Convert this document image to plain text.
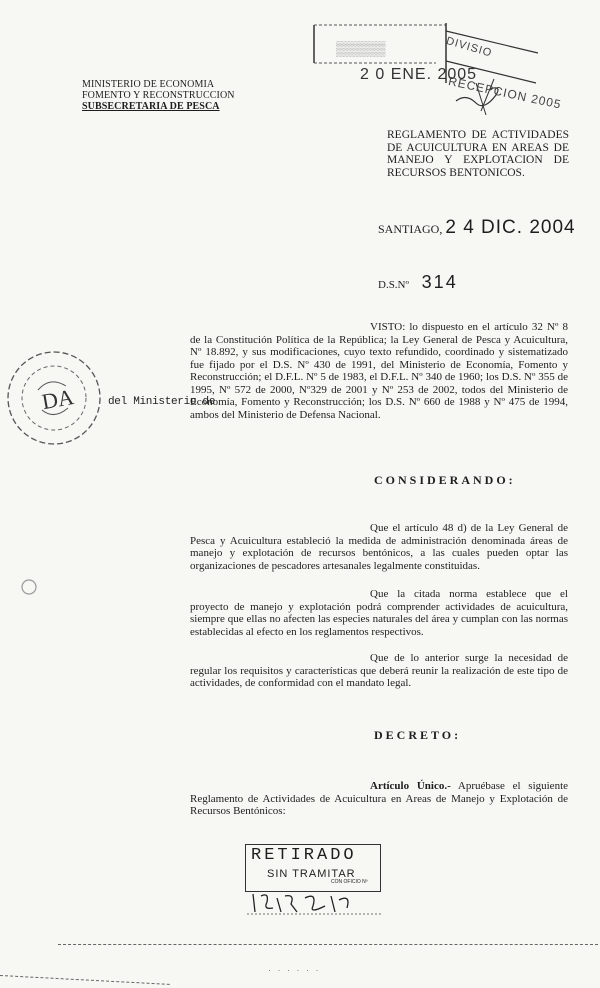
MINISTERIO DE ECONOMIA
FOMENTO Y RECONSTRUCCION
SUBSECRETARIA DE PESCA
▒▒▒▒▒
2 0 ENE. 2005
DIVISIO
RECEPCION 2005
REGLAMENTO DE ACTIVIDADES DE ACUICULTURA EN AREAS DE MANEJO Y EXPLOTACION DE RECURSOS BENTONICOS.
SANTIAGO, 2 4 DIC. 2004
D.S.Nº 314
DA
VISTO: lo dispuesto en el artículo 32 Nº 8 de la Constitución Política de la República; la Ley General de Pesca y Acuicultura, Nº 18.892, y sus modificaciones, cuyo texto refundido, coordinado y sistematizado fue fijado por el D.S. Nº 430 de 1991, del Ministerio de Economía, Fomento y Reconstrucción; el D.F.L. Nº 5 de 1983, el D.F.L. Nº 340 de 1960; los D.S. Nº 355 de 1995, Nº 572 de 2000, Nº329 de 2001 y Nº 253 de 2002, todos del Ministerio de Economía, Fomento y Reconstrucción; los D.S. Nº 660 de 1988 y Nº 475 de 1994, ambos del Ministerio de Defensa Nacional.
del Ministerio de
CONSIDERANDO:
Que el artículo 48 d) de la Ley General de Pesca y Acuicultura estableció la medida de administración denominada áreas de manejo y explotación de recursos bentónicos, a las cuales pueden optar las organizaciones de pescadores artesanales legalmente constituidas.
Que la citada norma establece que el proyecto de manejo y explotación podrá comprender actividades de acuicultura, siempre que ellas no afecten las especies naturales del área y cumplan con las normas establecidas al efecto en los reglamentos respectivos.
Que de lo anterior surge la necesidad de regular los requisitos y características que deberá reunir la realización de este tipo de actividades, de conformidad con el mandato legal.
DECRETO:
Artículo Único.- Apruébase el siguiente Reglamento de Actividades de Acuicultura en Areas de Manejo y Explotación de Recursos Bentónicos:
RETIRADO
SIN TRAMITAR
CON OFICIO Nº
· · · · · ·
